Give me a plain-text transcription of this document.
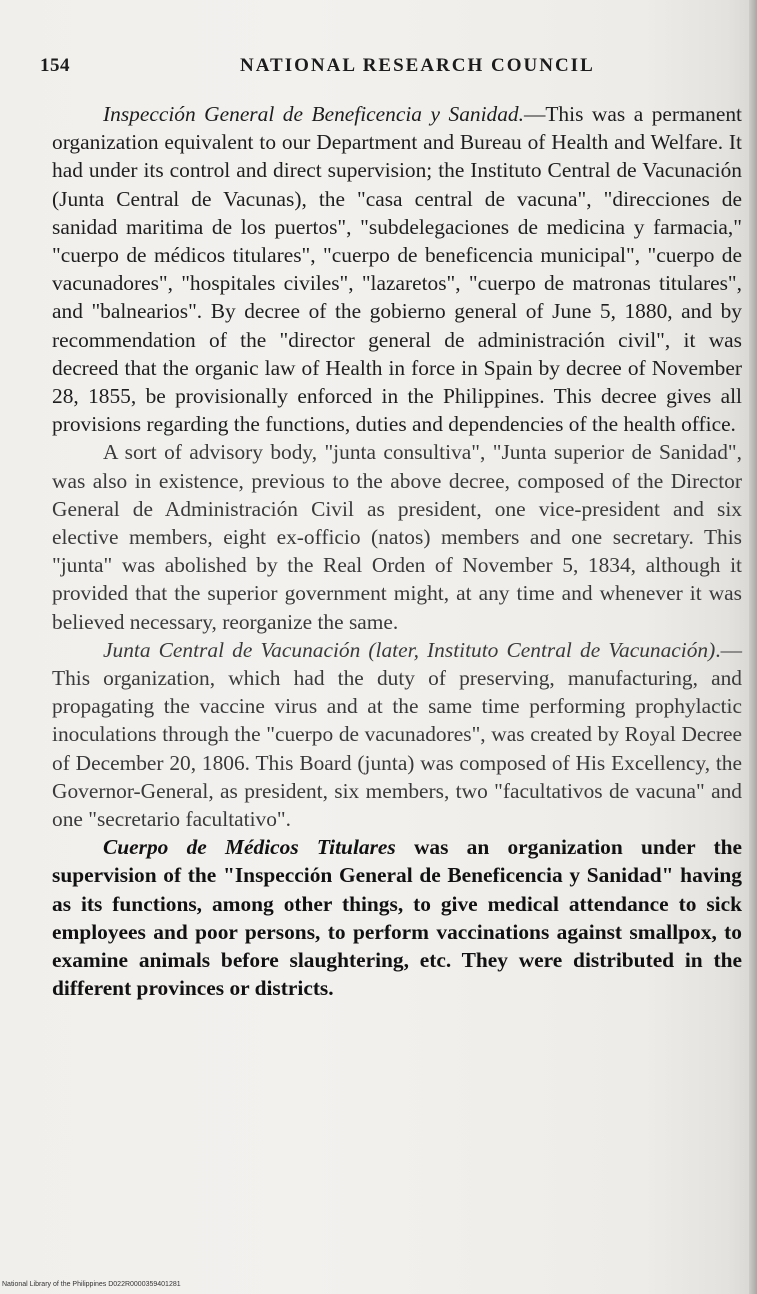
154	NATIONAL RESEARCH COUNCIL

Inspección General de Beneficencia y Sanidad.—This was a permanent organization equivalent to our Department and Bureau of Health and Welfare. It had under its control and direct supervision; the Instituto Central de Vacunación (Junta Central de Vacunas), the "casa central de vacuna", "direcciones de sanidad maritima de los puertos", "subdelegaciones de medicina y farmacia," "cuerpo de médicos titulares", "cuerpo de beneficencia municipal", "cuerpo de vacunadores", "hospitales civiles", "lazaretos", "cuerpo de matronas titulares", and "balnearios". By decree of the gobierno general of June 5, 1880, and by recommendation of the "director general de administración civil", it was decreed that the organic law of Health in force in Spain by decree of November 28, 1855, be provisionally enforced in the Philippines. This decree gives all provisions regarding the functions, duties and dependencies of the health office.

A sort of advisory body, "junta consultiva", "Junta superior de Sanidad", was also in existence, previous to the above decree, composed of the Director General de Administración Civil as president, one vice-president and six elective members, eight ex-officio (natos) members and one secretary. This "junta" was abolished by the Real Orden of November 5, 1834, although it provided that the superior government might, at any time and whenever it was believed necessary, reorganize the same.

Junta Central de Vacunación (later, Instituto Central de Vacunación).—This organization, which had the duty of preserving, manufacturing, and propagating the vaccine virus and at the same time performing prophylactic inoculations through the "cuerpo de vacunadores", was created by Royal Decree of December 20, 1806. This Board (junta) was composed of His Excellency, the Governor-General, as president, six members, two "facultativos de vacuna" and one "secretario facultativo".

Cuerpo de Médicos Titulares was an organization under the supervision of the "Inspección General de Beneficencia y Sanidad" having as its functions, among other things, to give medical attendance to sick employees and poor persons, to perform vaccinations against smallpox, to examine animals before slaughtering, etc. They were distributed in the different provinces or districts.

National Library of the Philippines D022R0000359401281
